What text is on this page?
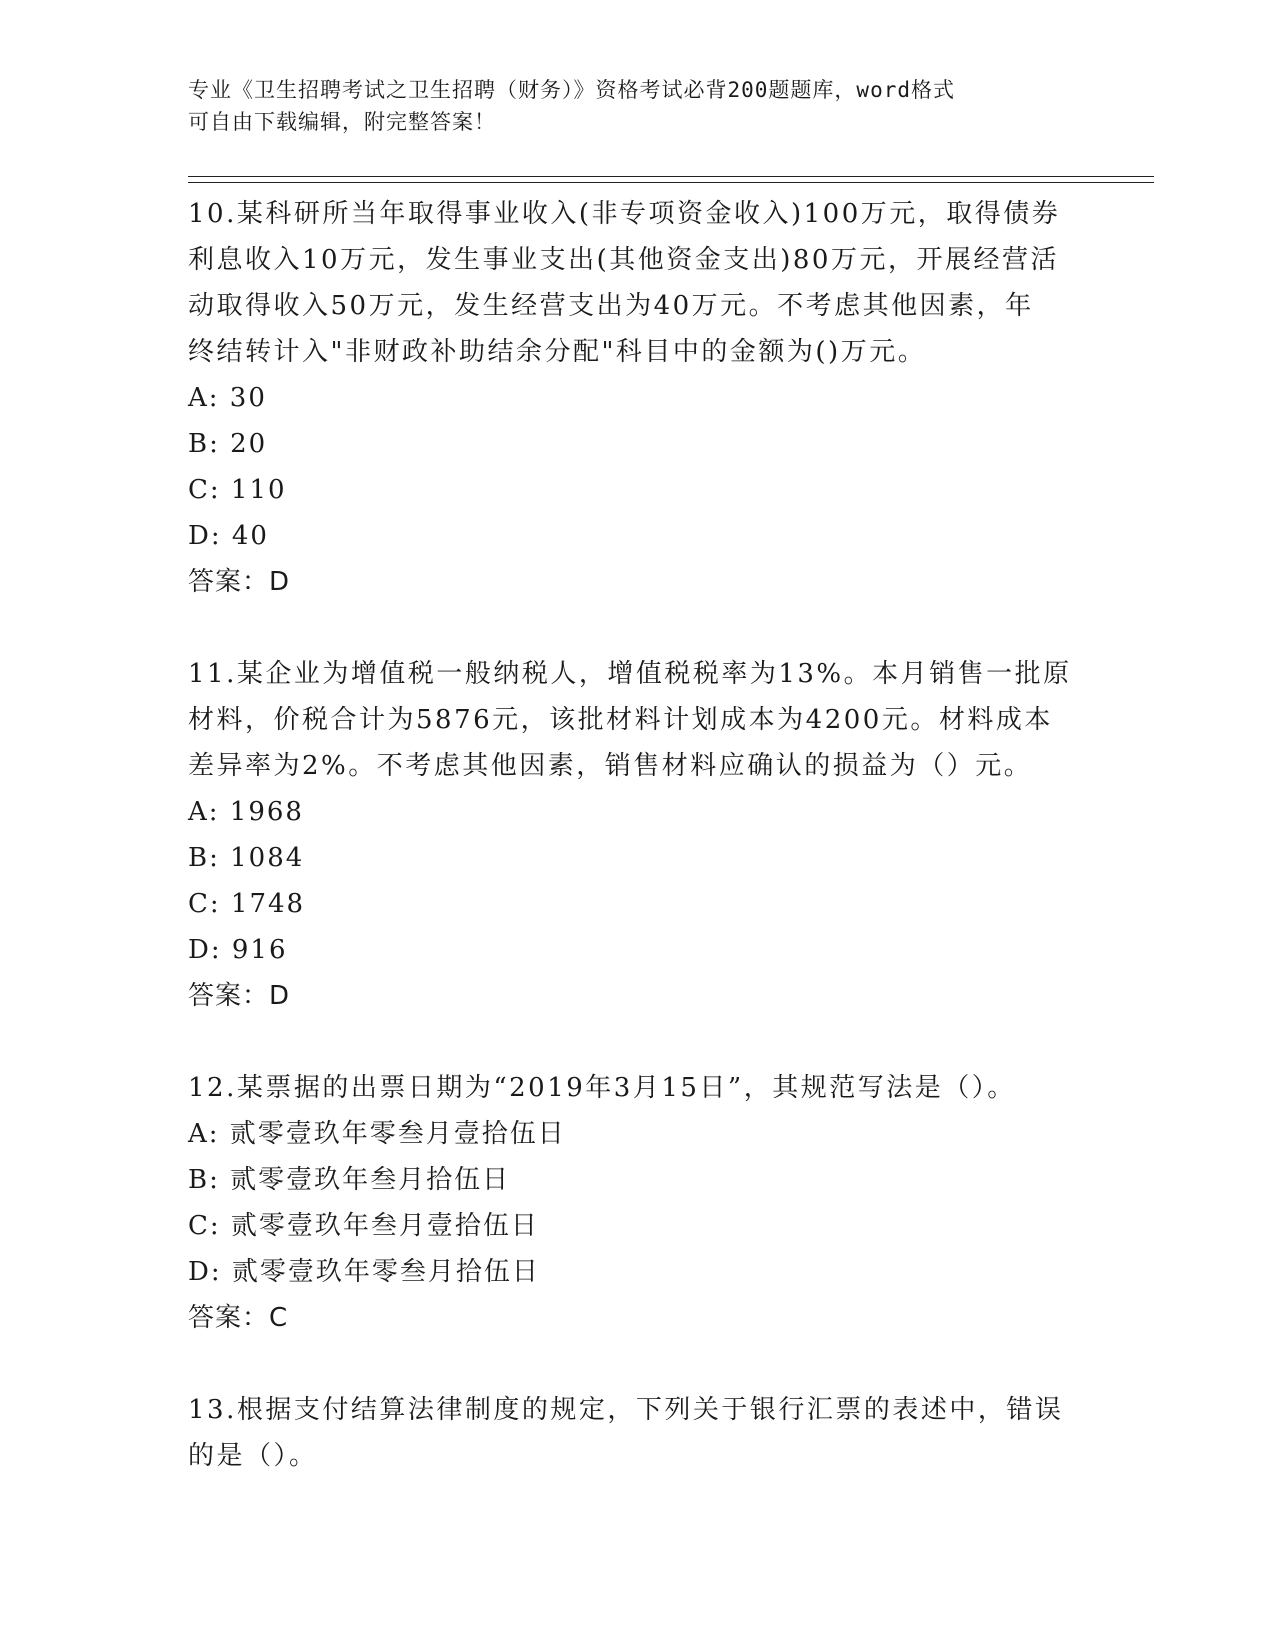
专业《卫生招聘考试之卫生招聘（财务）》资格考试必背200题题库，word格式
可自由下载编辑，附完整答案！
10.某科研所当年取得事业收入(非专项资金收入)100万元，取得债券
利息收入10万元，发生事业支出(其他资金支出)80万元，开展经营活
动取得收入50万元，发生经营支出为40万元。不考虑其他因素，年
终结转计入"非财政补助结余分配"科目中的金额为()万元。
A: 30
B: 20
C: 110
D: 40
答案：D
11.某企业为增值税一般纳税人，增值税税率为13%。本月销售一批原
材料，价税合计为5876元，该批材料计划成本为4200元。材料成本
差异率为2%。不考虑其他因素，销售材料应确认的损益为（）元。
A: 1968
B: 1084
C: 1748
D: 916
答案：D
12.某票据的出票日期为“2019年3月15日”，其规范写法是（）。
A: 贰零壹玖年零叁月壹拾伍日
B: 贰零壹玖年叁月拾伍日
C: 贰零壹玖年叁月壹拾伍日
D: 贰零壹玖年零叁月拾伍日
答案：C
13.根据支付结算法律制度的规定，下列关于银行汇票的表述中，错误
的是（）。
